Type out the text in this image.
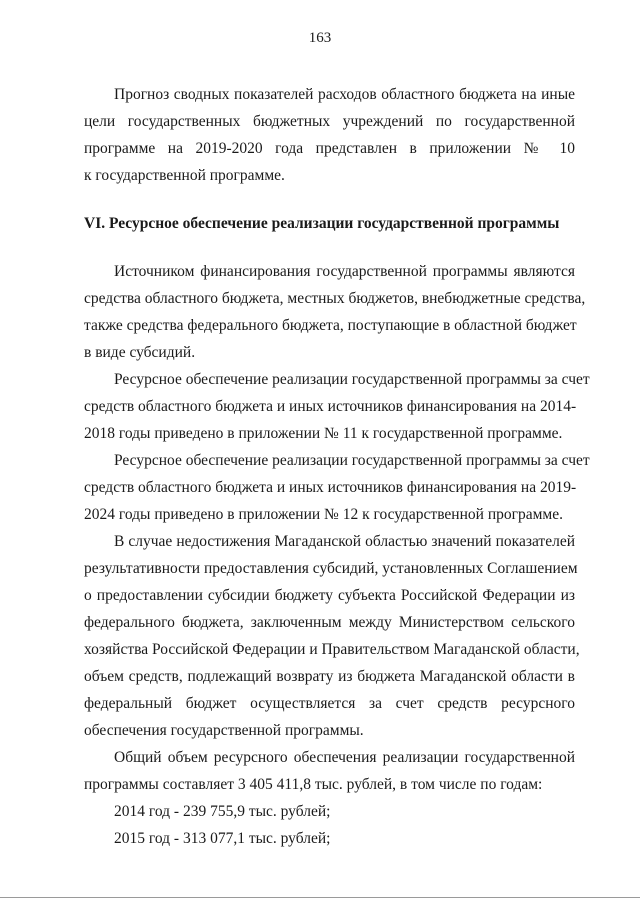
163
Прогноз сводных показателей расходов областного бюджета на иные
цели государственных бюджетных учреждений по государственной
программе на 2019-2020 года представлен в приложении № 10
к государственной программе.
VI. Ресурсное обеспечение реализации государственной программы
Источником финансирования государственной программы являются
средства областного бюджета, местных бюджетов, внебюджетные средства,
также средства федерального бюджета, поступающие в областной бюджет
в виде субсидий.
Ресурсное обеспечение реализации государственной программы за счет
средств областного бюджета и иных источников финансирования на 2014-
2018 годы приведено в приложении № 11 к государственной программе.
Ресурсное обеспечение реализации государственной программы за счет
средств областного бюджета и иных источников финансирования на 2019-
2024 годы приведено в приложении № 12 к государственной программе.
В случае недостижения Магаданской областью значений показателей
результативности предоставления субсидий, установленных Соглашением
о предоставлении субсидии бюджету субъекта Российской Федерации из
федерального бюджета, заключенным между Министерством сельского
хозяйства Российской Федерации и Правительством Магаданской области,
объем средств, подлежащий возврату из бюджета Магаданской области в
федеральный бюджет осуществляется за счет средств ресурсного
обеспечения государственной программы.
Общий объем ресурсного обеспечения реализации государственной
программы составляет 3 405 411,8 тыс. рублей, в том числе по годам:
2014 год - 239 755,9 тыс. рублей;
2015 год - 313 077,1 тыс. рублей;
